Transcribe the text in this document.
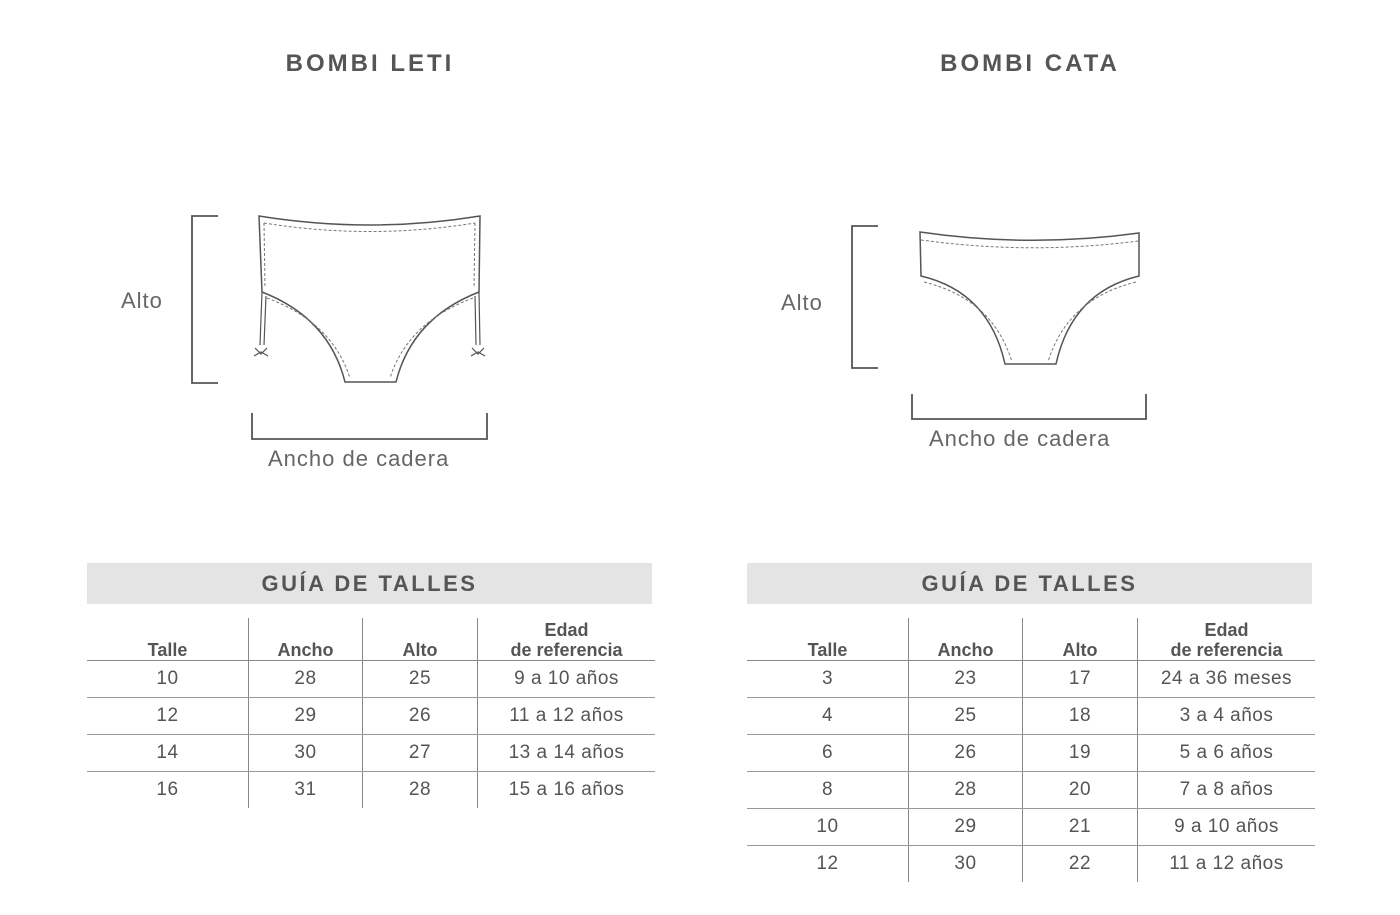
BOMBI LETI
Alto
Ancho de cadera
GUÍA DE TALLES
Talle	Ancho	Alto	Edad
de referencia

10	28	25	9 a 10 años
12	29	26	11 a 12 años
14	30	27	13 a 14 años
16	31	28	15 a 16 años
BOMBI CATA
Alto
Ancho de cadera
GUÍA DE TALLES
Talle	Ancho	Alto	Edad
de referencia

3	23	17	24 a 36 meses
4	25	18	3 a 4 años
6	26	19	5 a 6 años
8	28	20	7 a 8 años
10	29	21	9 a 10 años
12	30	22	11 a 12 años
